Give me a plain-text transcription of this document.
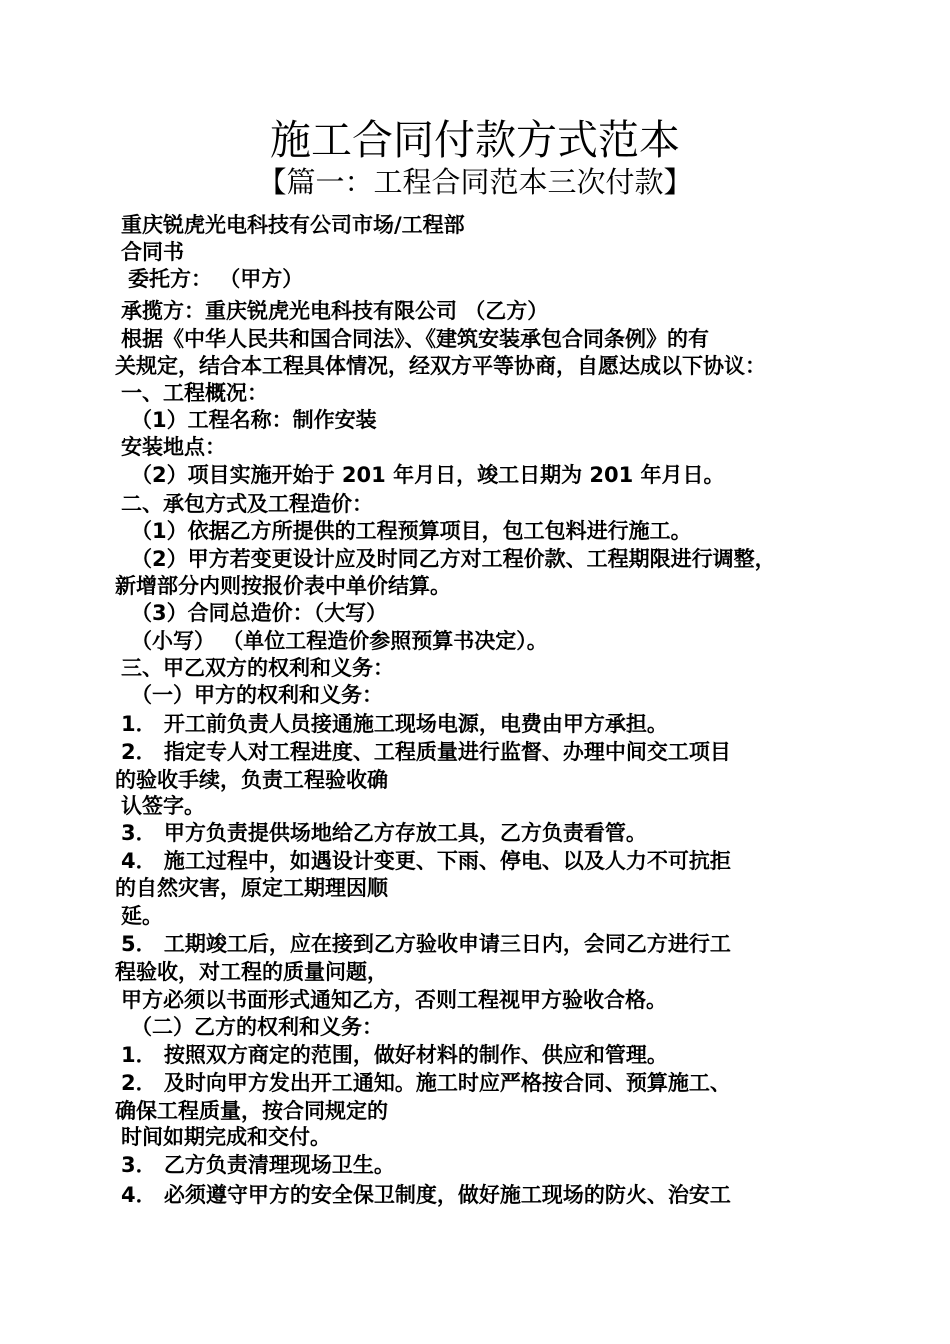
施工合同付款方式范本
【篇一：工程合同范本三次付款】
重庆锐虎光电科技有公司市场/工程部
合同书
委托方： （甲方）
承揽方：重庆锐虎光电科技有限公司 （乙方）
根据《中华人民共和国合同法》、《建筑安装承包合同条例》的有
关规定，结合本工程具体情况，经双方平等协商，自愿达成以下协议：
一、工程概况：
（1）工程名称：制作安装
安装地点：
（2）项目实施开始于 201 年月日，竣工日期为 201 年月日。
二、承包方式及工程造价：
（1）依据乙方所提供的工程预算项目，包工包料进行施工。
（2）甲方若变更设计应及时同乙方对工程价款、工程期限进行调整，
新增部分内则按报价表中单价结算。
（3）合同总造价：（大写）
（小写） （单位工程造价参照预算书决定）。
三、甲乙双方的权利和义务：
（一）甲方的权利和义务：
1． 开工前负责人员接通施工现场电源，电费由甲方承担。
2． 指定专人对工程进度、工程质量进行监督、办理中间交工项目
的验收手续，负责工程验收确
认签字。
3． 甲方负责提供场地给乙方存放工具，乙方负责看管。
4． 施工过程中，如遇设计变更、下雨、停电、以及人力不可抗拒
的自然灾害，原定工期理因顺
延。
5． 工期竣工后，应在接到乙方验收申请三日内，会同乙方进行工
程验收，对工程的质量问题，
甲方必须以书面形式通知乙方，否则工程视甲方验收合格。
（二）乙方的权利和义务：
1． 按照双方商定的范围，做好材料的制作、供应和管理。
2． 及时向甲方发出开工通知。施工时应严格按合同、预算施工、
确保工程质量，按合同规定的
时间如期完成和交付。
3． 乙方负责清理现场卫生。
4． 必须遵守甲方的安全保卫制度，做好施工现场的防火、治安工
